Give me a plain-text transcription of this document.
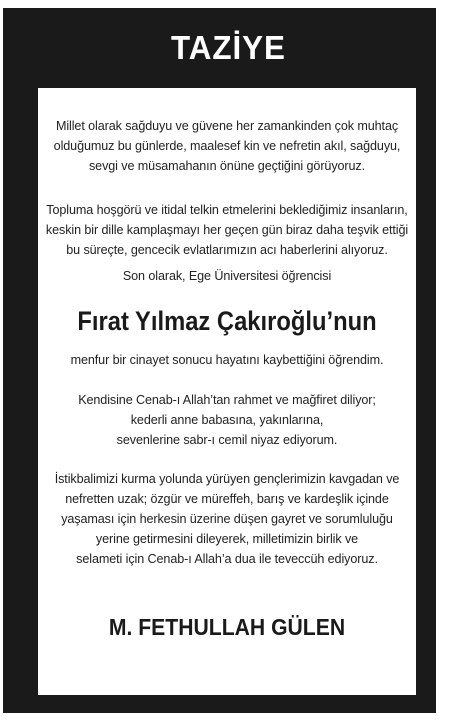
TAZİYE
Millet olarak sağduyu ve güvene her zamankinden çok muhtaç
olduğumuz bu günlerde, maalesef kin ve nefretin akıl, sağduyu,
sevgi ve müsamahanın önüne geçtiğini görüyoruz.
Topluma hoşgörü ve itidal telkin etmelerini beklediğimiz insanların,
keskin bir dille kamplaşmayı her geçen gün biraz daha teşvik ettiği
bu süreçte, gencecik evlatlarımızın acı haberlerini alıyoruz.
Son olarak, Ege Üniversitesi öğrencisi
Fırat Yılmaz Çakıroğlu’nun
menfur bir cinayet sonucu hayatını kaybettiğini öğrendim.
Kendisine Cenab-ı Allah’tan rahmet ve mağfiret diliyor;
kederli anne babasına, yakınlarına,
sevenlerine sabr-ı cemil niyaz ediyorum.
İstikbalimizi kurma yolunda yürüyen gençlerimizin kavgadan ve
nefretten uzak; özgür ve müreffeh, barış ve kardeşlik içinde
yaşaması için herkesin üzerine düşen gayret ve sorumluluğu
yerine getirmesini dileyerek, milletimizin birlik ve
selameti için Cenab-ı Allah’a dua ile teveccüh ediyoruz.
M. FETHULLAH GÜLEN
